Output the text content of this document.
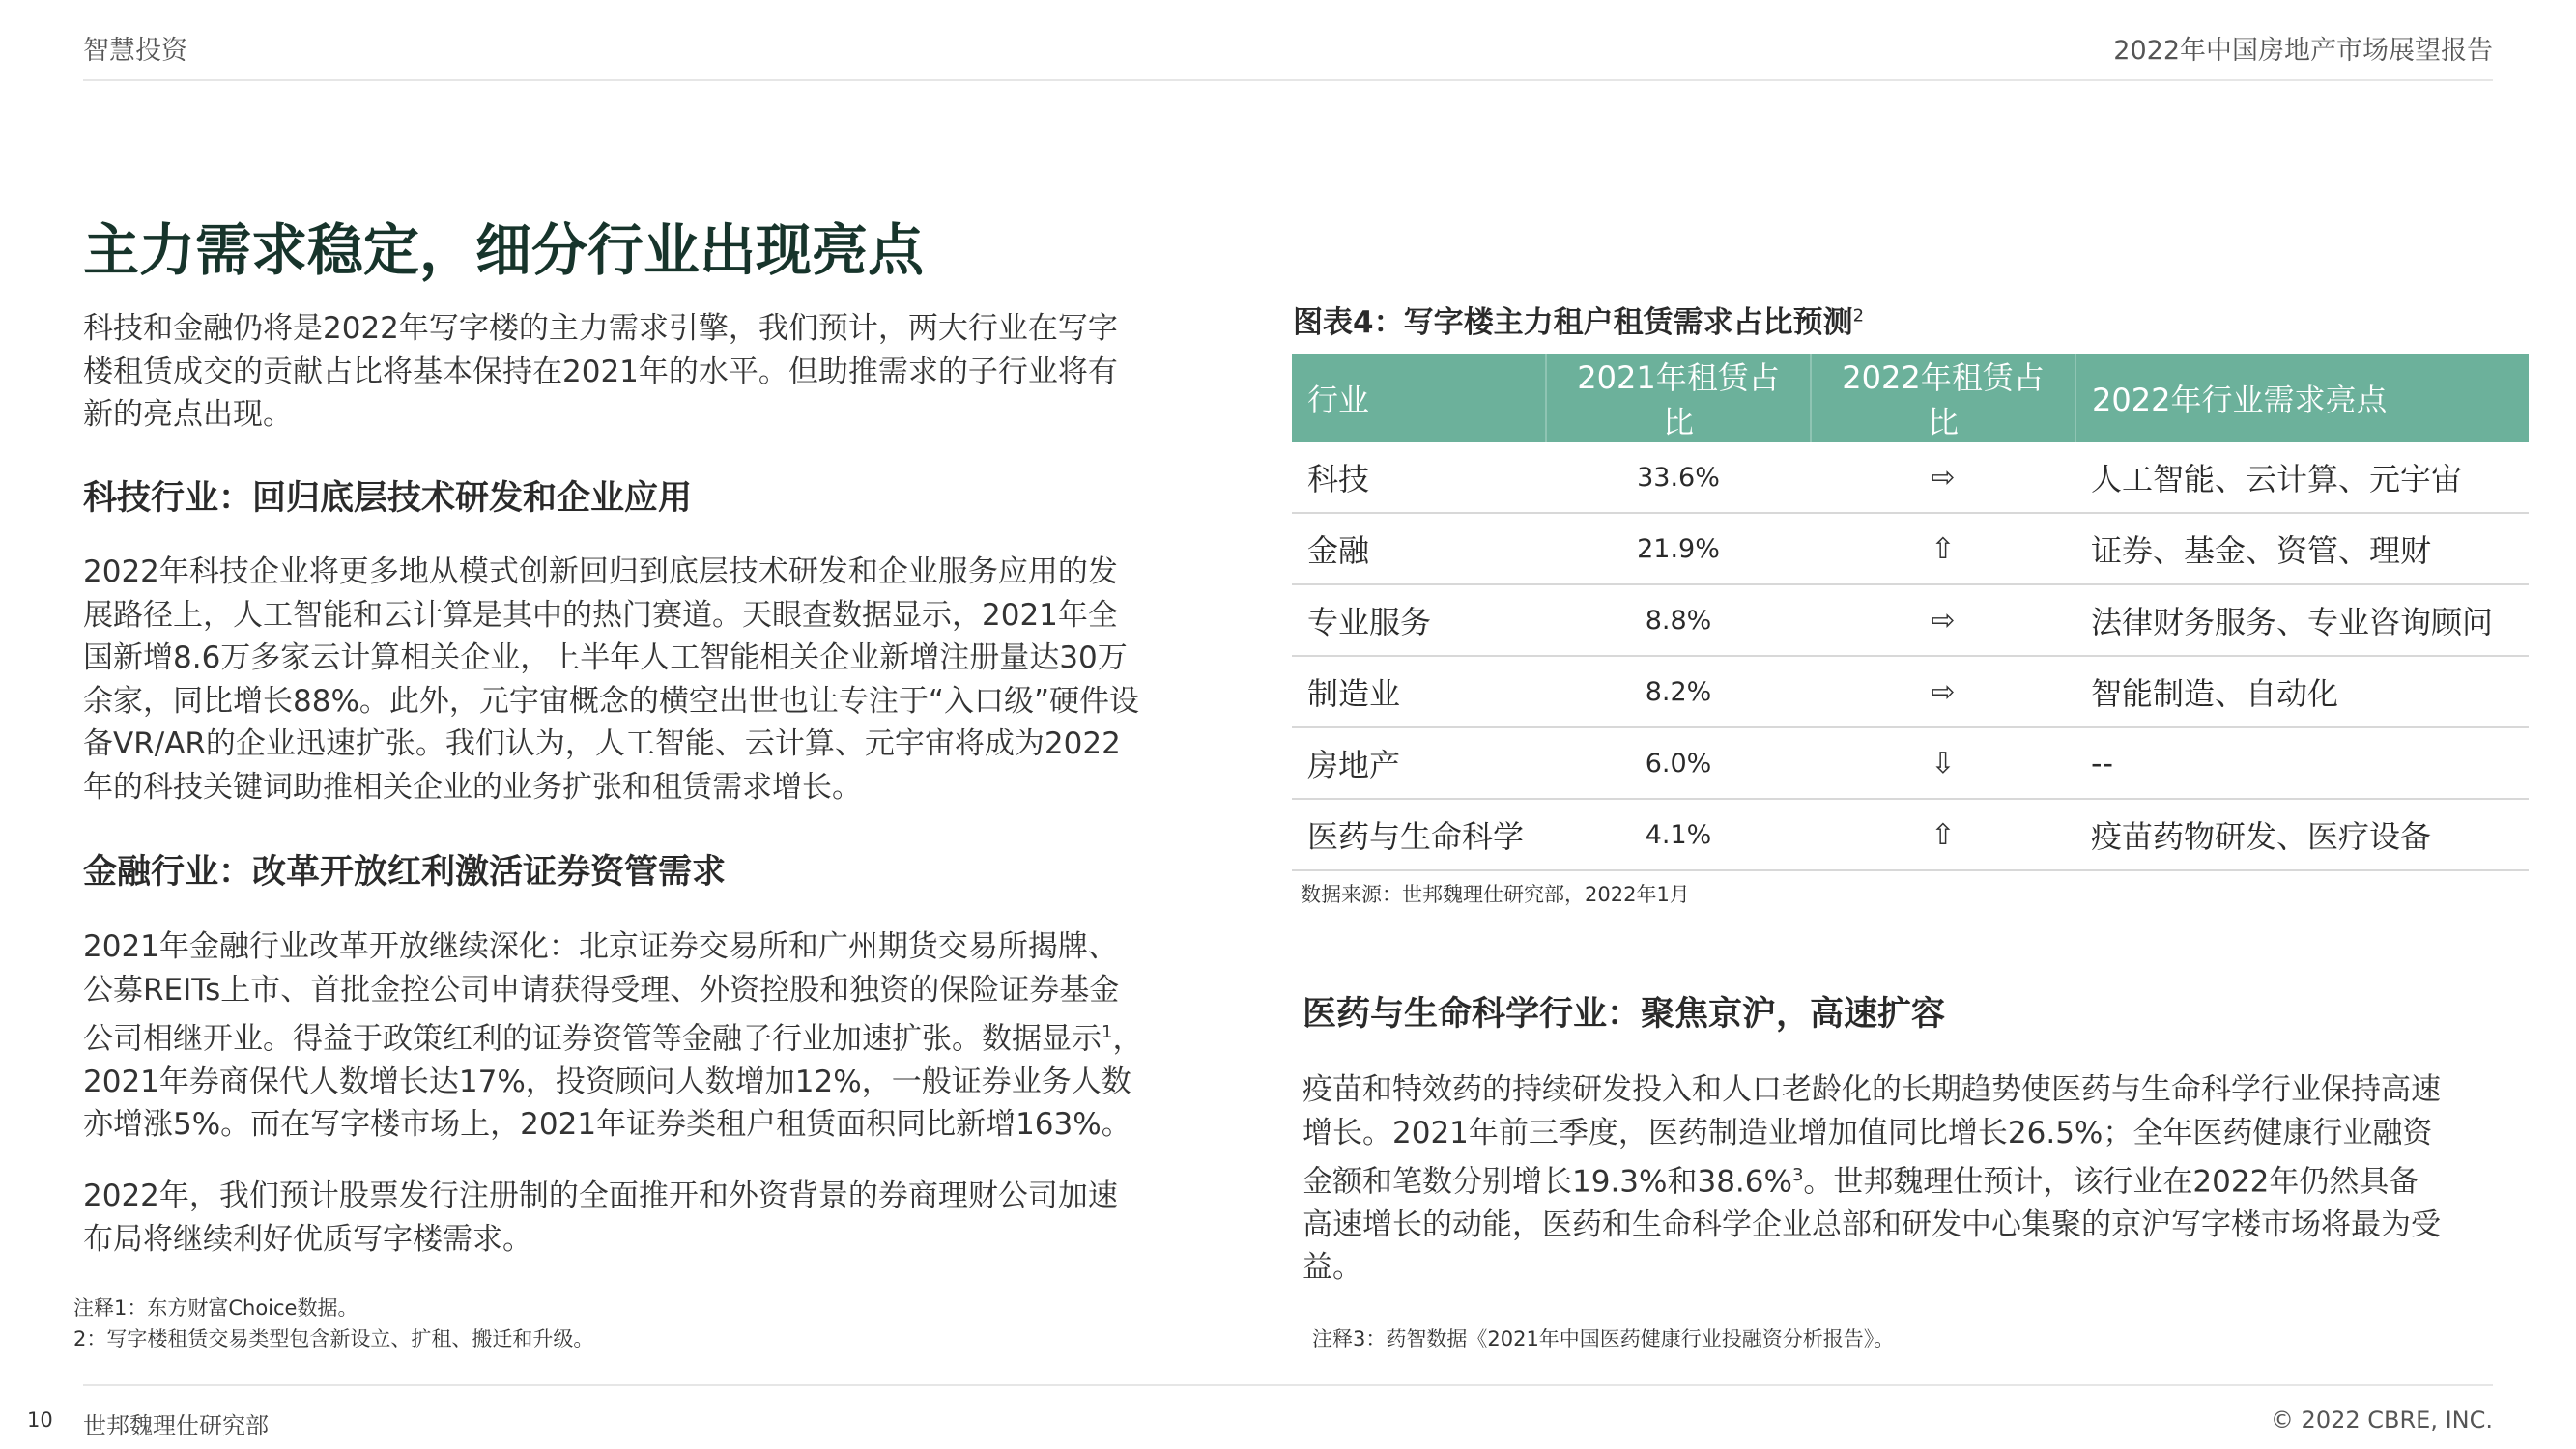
智慧投资	2022年中国房地产市场展望报告
主力需求稳定，细分行业出现亮点
科技和金融仍将是2022年写字楼的主力需求引擎，我们预计，两大行业在写字楼租赁成交的贡献占比将基本保持在2021年的水平。但助推需求的子行业将有新的亮点出现。
科技行业：回归底层技术研发和企业应用
2022年科技企业将更多地从模式创新回归到底层技术研发和企业服务应用的发展路径上，人工智能和云计算是其中的热门赛道。天眼查数据显示，2021年全国新增8.6万多家云计算相关企业，上半年人工智能相关企业新增注册量达30万余家，同比增长88%。此外，元宇宙概念的横空出世也让专注于“入口级”硬件设备VR/AR的企业迅速扩张。我们认为，人工智能、云计算、元宇宙将成为2022年的科技关键词助推相关企业的业务扩张和租赁需求增长。
金融行业：改革开放红利激活证券资管需求
2021年金融行业改革开放继续深化：北京证券交易所和广州期货交易所揭牌、公募REITs上市、首批金控公司申请获得受理、外资控股和独资的保险证券基金公司相继开业。得益于政策红利的证券资管等金融子行业加速扩张。数据显示$^1$，2021年券商保代人数增长达17%，投资顾问人数增加12%，一般证券业务人数亦增涨5%。而在写字楼市场上，2021年证券类租户租赁面积同比新增163%。
2022年，我们预计股票发行注册制的全面推开和外资背景的券商理财公司加速布局将继续利好优质写字楼需求。
注释1：东方财富Choice数据。
2：写字楼租赁交易类型包含新设立、扩租、搬迁和升级。
图表4：写字楼主力租户租赁需求占比预测$^2$
行业	2021年租赁占比	2022年租赁占比	2022年行业需求亮点
科技	33.6%	⇨	人工智能、云计算、元宇宙
金融	21.9%	⇧	证券、基金、资管、理财
专业服务	8.8%	⇨	法律财务服务、专业咨询顾问
制造业	8.2%	⇨	智能制造、自动化
房地产	6.0%	⇩	--
医药与生命科学	4.1%	⇧	疫苗药物研发、医疗设备
数据来源：世邦魏理仕研究部，2022年1月
医药与生命科学行业：聚焦京沪，高速扩容
疫苗和特效药的持续研发投入和人口老龄化的长期趋势使医药与生命科学行业保持高速增长。2021年前三季度，医药制造业增加值同比增长26.5%；全年医药健康行业融资金额和笔数分别增长19.3%和38.6%$^3$。世邦魏理仕预计，该行业在2022年仍然具备高速增长的动能，医药和生命科学企业总部和研发中心集聚的京沪写字楼市场将最为受益。
注释3：药智数据《2021年中国医药健康行业投融资分析报告》。
10 世邦魏理仕研究部	© 2022 CBRE, INC.
